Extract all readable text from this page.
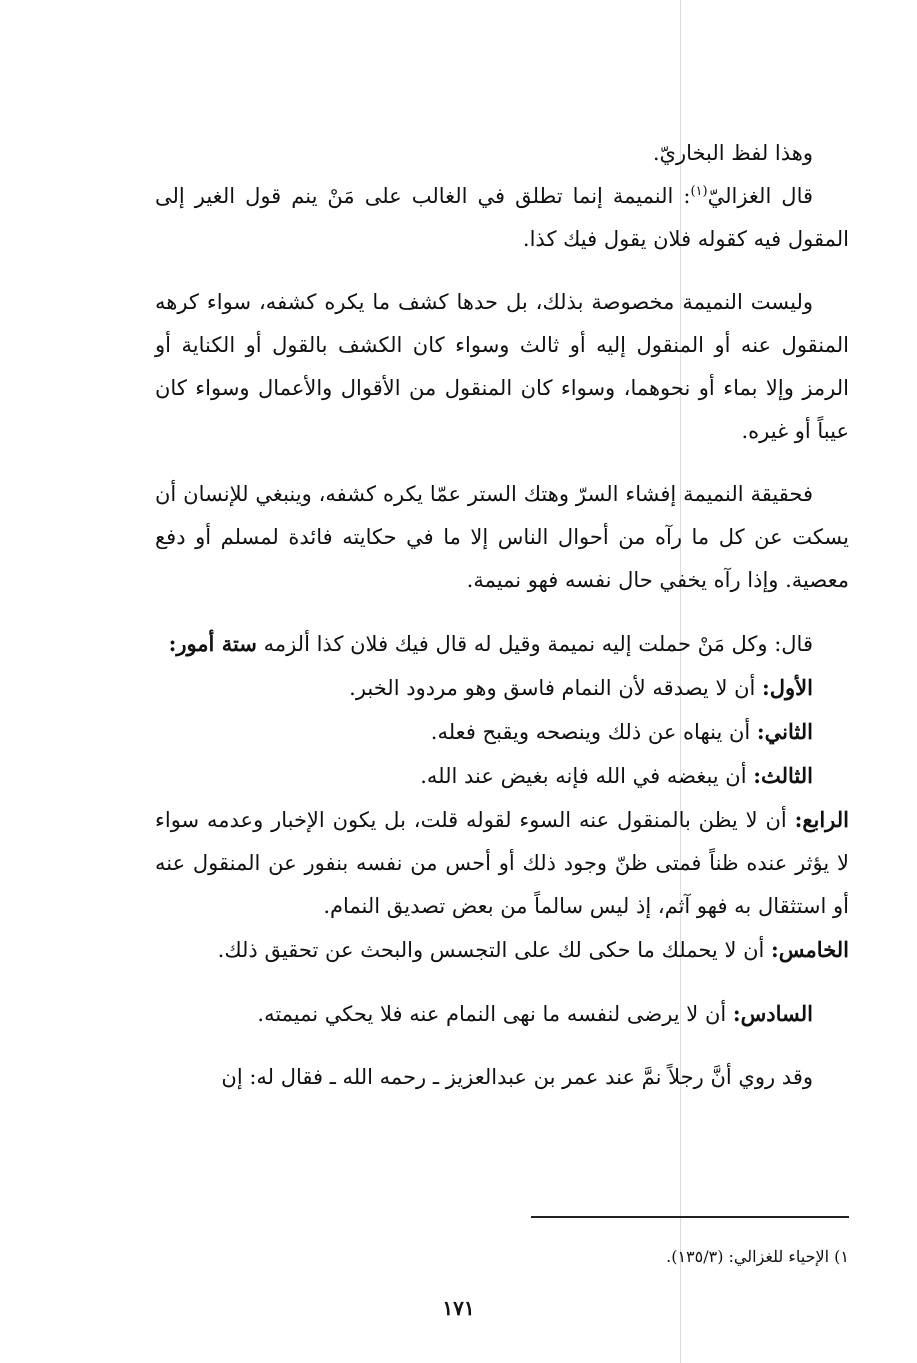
وهذا لفظ البخاريّ.

قال الغزاليّ$^{(١)}$: النميمة إنما تطلق في الغالب على مَنْ ينم قول الغير إلى المقول فيه كقوله فلان يقول فيك كذا.

وليست النميمة مخصوصة بذلك، بل حدها كشف ما يكره كشفه، سواء كرهه المنقول عنه أو المنقول إليه أو ثالث وسواء كان الكشف بالقول أو الكناية أو الرمز وإلا بماء أو نحوهما، وسواء كان المنقول من الأقوال والأعمال وسواء كان عيباً أو غيره.

فحقيقة النميمة إفشاء السرّ وهتك الستر عمّا يكره كشفه، وينبغي للإنسان أن يسكت عن كل ما رآه من أحوال الناس إلا ما في حكايته فائدة لمسلم أو دفع معصية. وإذا رآه يخفي حال نفسه فهو نميمة.

قال: وكل مَنْ حملت إليه نميمة وقيل له قال فيك فلان كذا ألزمه ستة أمور:

الأول: أن لا يصدقه لأن النمام فاسق وهو مردود الخبر.

الثاني: أن ينهاه عن ذلك وينصحه ويقبح فعله.

الثالث: أن يبغضه في الله فإنه بغيض عند الله.

الرابع: أن لا يظن بالمنقول عنه السوء لقوله قلت، بل يكون الإخبار وعدمه سواء لا يؤثر عنده ظناً فمتى ظنّ وجود ذلك أو أحس من نفسه بنفور عن المنقول عنه أو استثقال به فهو آثم، إذ ليس سالماً من بعض تصديق النمام.

الخامس: أن لا يحملك ما حكى لك على التجسس والبحث عن تحقيق ذلك.

السادس: أن لا يرضى لنفسه ما نهى النمام عنه فلا يحكي نميمته.

وقد روي أنَّ رجلاً نمَّ عند عمر بن عبدالعزيز ـ رحمه الله ـ فقال له: إن

١) الإحياء للغزالي: (١٣٥/٣).
١٧١
